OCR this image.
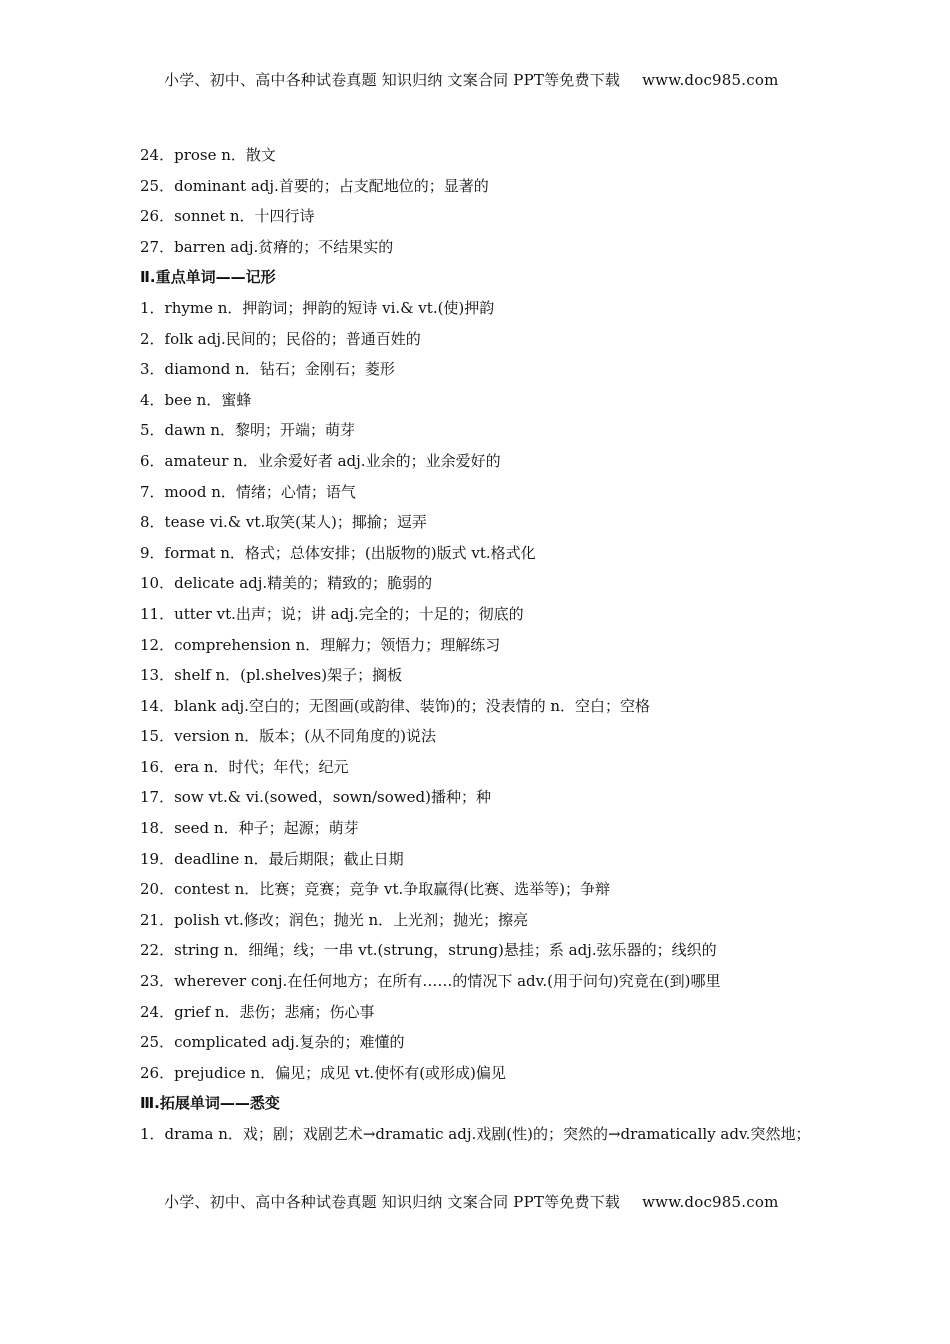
小学、初中、高中各种试卷真题 知识归纳 文案合同 PPT等免费下载 www.doc985.com
24．prose n．散文
25．dominant adj.首要的；占支配地位的；显著的
26．sonnet n．十四行诗
27．barren adj.贫瘠的；不结果实的
Ⅱ.重点单词——记形
1．rhyme n．押韵词；押韵的短诗 vi.& vt.(使)押韵
2．folk adj.民间的；民俗的；普通百姓的
3．diamond n．钻石；金刚石；菱形
4．bee n．蜜蜂
5．dawn n．黎明；开端；萌芽
6．amateur n．业余爱好者 adj.业余的；业余爱好的
7．mood n．情绪；心情；语气
8．tease vi.& vt.取笑(某人)；揶揄；逗弄
9．format n．格式；总体安排；(出版物的)版式 vt.格式化
10．delicate adj.精美的；精致的；脆弱的
11．utter vt.出声；说；讲 adj.完全的；十足的；彻底的
12．comprehension n．理解力；领悟力；理解练习
13．shelf n．(pl.shelves)架子；搁板
14．blank adj.空白的；无图画(或韵律、装饰)的；没表情的 n．空白；空格
15．version n．版本；(从不同角度的)说法
16．era n．时代；年代；纪元
17．sow vt.& vi.(sowed，sown/sowed)播种；种
18．seed n．种子；起源；萌芽
19．deadline n．最后期限；截止日期
20．contest n．比赛；竞赛；竞争 vt.争取赢得(比赛、选举等)；争辩
21．polish vt.修改；润色；抛光 n．上光剂；抛光；擦亮
22．string n．细绳；线；一串 vt.(strung，strung)悬挂；系 adj.弦乐器的；线织的
23．wherever conj.在任何地方；在所有……的情况下 adv.(用于问句)究竟在(到)哪里
24．grief n．悲伤；悲痛；伤心事
25．complicated adj.复杂的；难懂的
26．prejudice n．偏见；成见 vt.使怀有(或形成)偏见
Ⅲ.拓展单词——悉变
1．drama n．戏；剧；戏剧艺术→dramatic adj.戏剧(性)的；突然的→dramatically adv.突然地；
小学、初中、高中各种试卷真题 知识归纳 文案合同 PPT等免费下载 www.doc985.com
